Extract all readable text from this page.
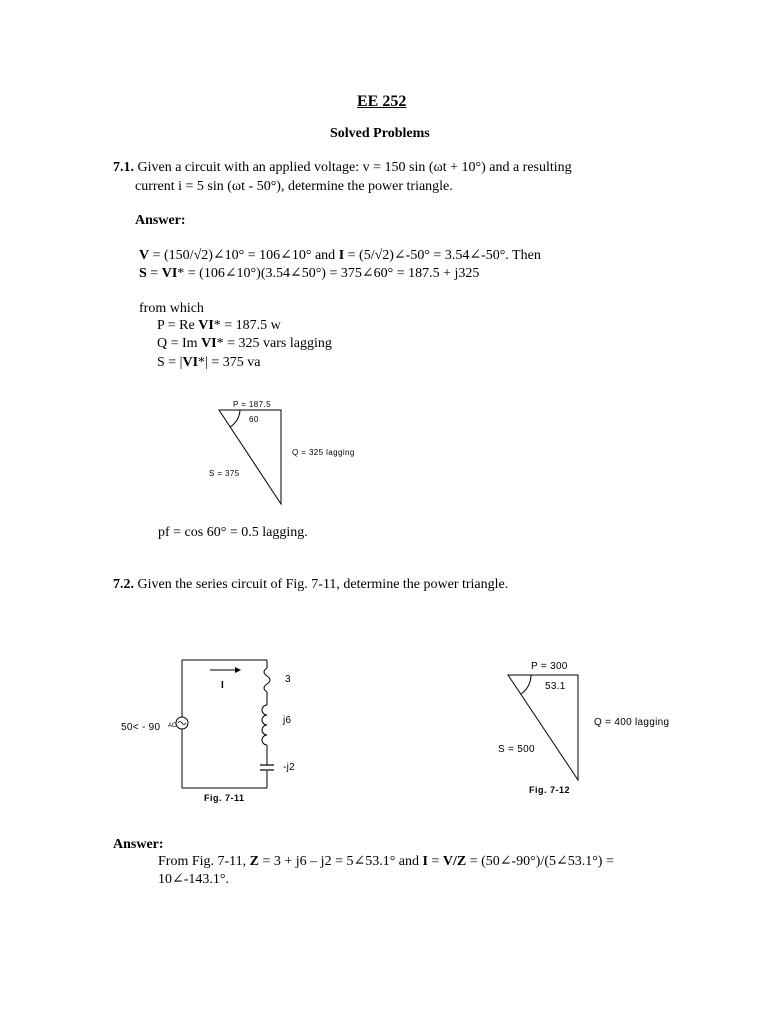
EE 252
Solved Problems
7.1. Given a circuit with an applied voltage: v = 150 sin (ωt + 10°) and a resulting
current i = 5 sin (ωt - 50°), determine the power triangle.
Answer:
V = (150/√2)∠10° = 106∠10° and I = (5/√2)∠-50° = 3.54∠-50°. Then
S = VI* = (106∠10°)(3.54∠50°) = 375∠60° = 187.5 + j325
from which
P = Re VI* = 187.5 w
Q = Im VI* = 325 vars lagging
S = |VI*| = 375 va
P = 187.5
60
Q = 325 lagging
S = 375
pf = cos 60° = 0.5 lagging.
7.2. Given the series circuit of Fig. 7-11, determine the power triangle.
AC
I
3
j6
-j2
50< - 90
Fig. 7-11
P = 300
53.1
Q = 400 lagging
S = 500
Fig. 7-12
Answer:
From Fig. 7-11, Z = 3 + j6 – j2 = 5∠53.1° and I = V/Z = (50∠-90°)/(5∠53.1°) =
10∠-143.1°.
